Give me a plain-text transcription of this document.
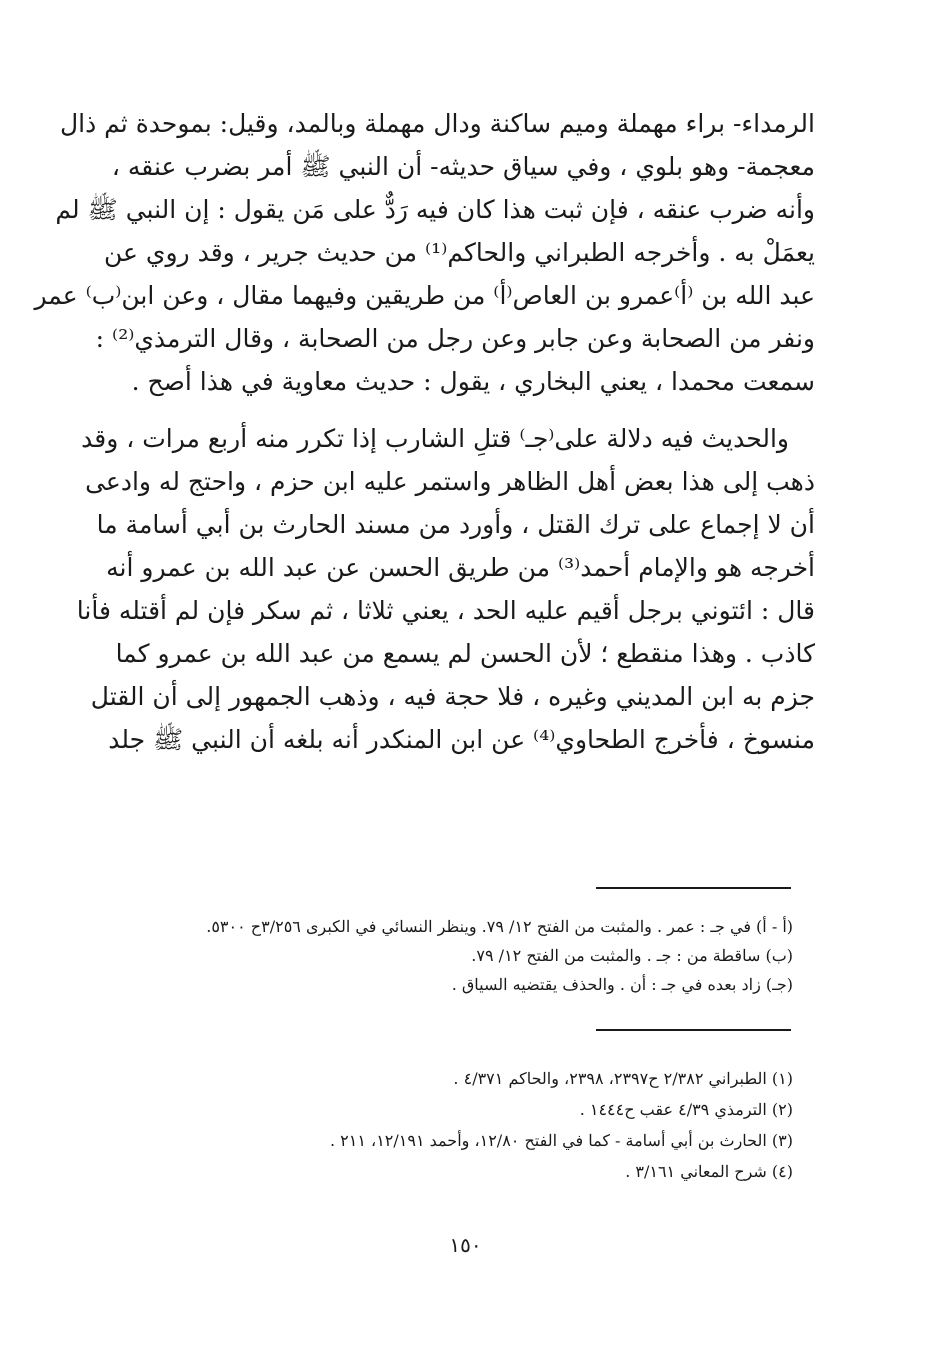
الرمداء- براء مهملة وميم ساكنة ودال مهملة وبالمد، وقيل: بموحدة ثم ذال
معجمة- وهو بلوي ، وفي سياق حديثه- أن النبي ﷺ أمر بضرب عنقه ،
وأنه ضرب عنقه ، فإن ثبت هذا كان فيه رَدٌّ على مَن يقول : إن النبي ﷺ لم
يعمَلْ به . وأخرجه الطبراني والحاكم⁽¹⁾ من حديث جرير ، وقد روي عن
عبد الله بن ⁽أ⁾عمرو بن العاص⁽أ⁾ من طريقين وفيهما مقال ، وعن ابن⁽ب⁾ عمر
ونفر من الصحابة وعن جابر وعن رجل من الصحابة ، وقال الترمذي⁽²⁾ :
سمعت محمدا ، يعني البخاري ، يقول : حديث معاوية في هذا أصح .

والحديث فيه دلالة على⁽جـ⁾ قتلِ الشارب إذا تكرر منه أربع مرات ، وقد
ذهب إلى هذا بعض أهل الظاهر واستمر عليه ابن حزم ، واحتج له وادعى
أن لا إجماع على ترك القتل ، وأورد من مسند الحارث بن أبي أسامة ما
أخرجه هو والإمام أحمد⁽³⁾ من طريق الحسن عن عبد الله بن عمرو أنه
قال : ائتوني برجل أقيم عليه الحد ، يعني ثلاثا ، ثم سكر فإن لم أقتله فأنا
كاذب . وهذا منقطع ؛ لأن الحسن لم يسمع من عبد الله بن عمرو كما
جزم به ابن المديني وغيره ، فلا حجة فيه ، وذهب الجمهور إلى أن القتل
منسوخ ، فأخرج الطحاوي⁽⁴⁾ عن ابن المنكدر أنه بلغه أن النبي ﷺ جلد

(أ - أ) في جـ : عمر . والمثبت من الفتح ١٢/ ٧٩. وينظر النسائي في الكبرى ٣/٢٥٦ح ٥٣٠٠.
(ب) ساقطة من : جـ . والمثبت من الفتح ١٢/ ٧٩.
(جـ) زاد بعده في جـ : أن . والحذف يقتضيه السياق .
(١) الطبراني ٢/٣٨٢ ح٢٣٩٧، ٢٣٩٨، والحاكم ٤/٣٧١ .
(٢) الترمذي ٤/٣٩ عقب ح١٤٤٤ .
(٣) الحارث بن أبي أسامة - كما في الفتح ١٢/٨٠، وأحمد ١٢/١٩١، ٢١١ .
(٤) شرح المعاني ٣/١٦١ .
١٥٠
